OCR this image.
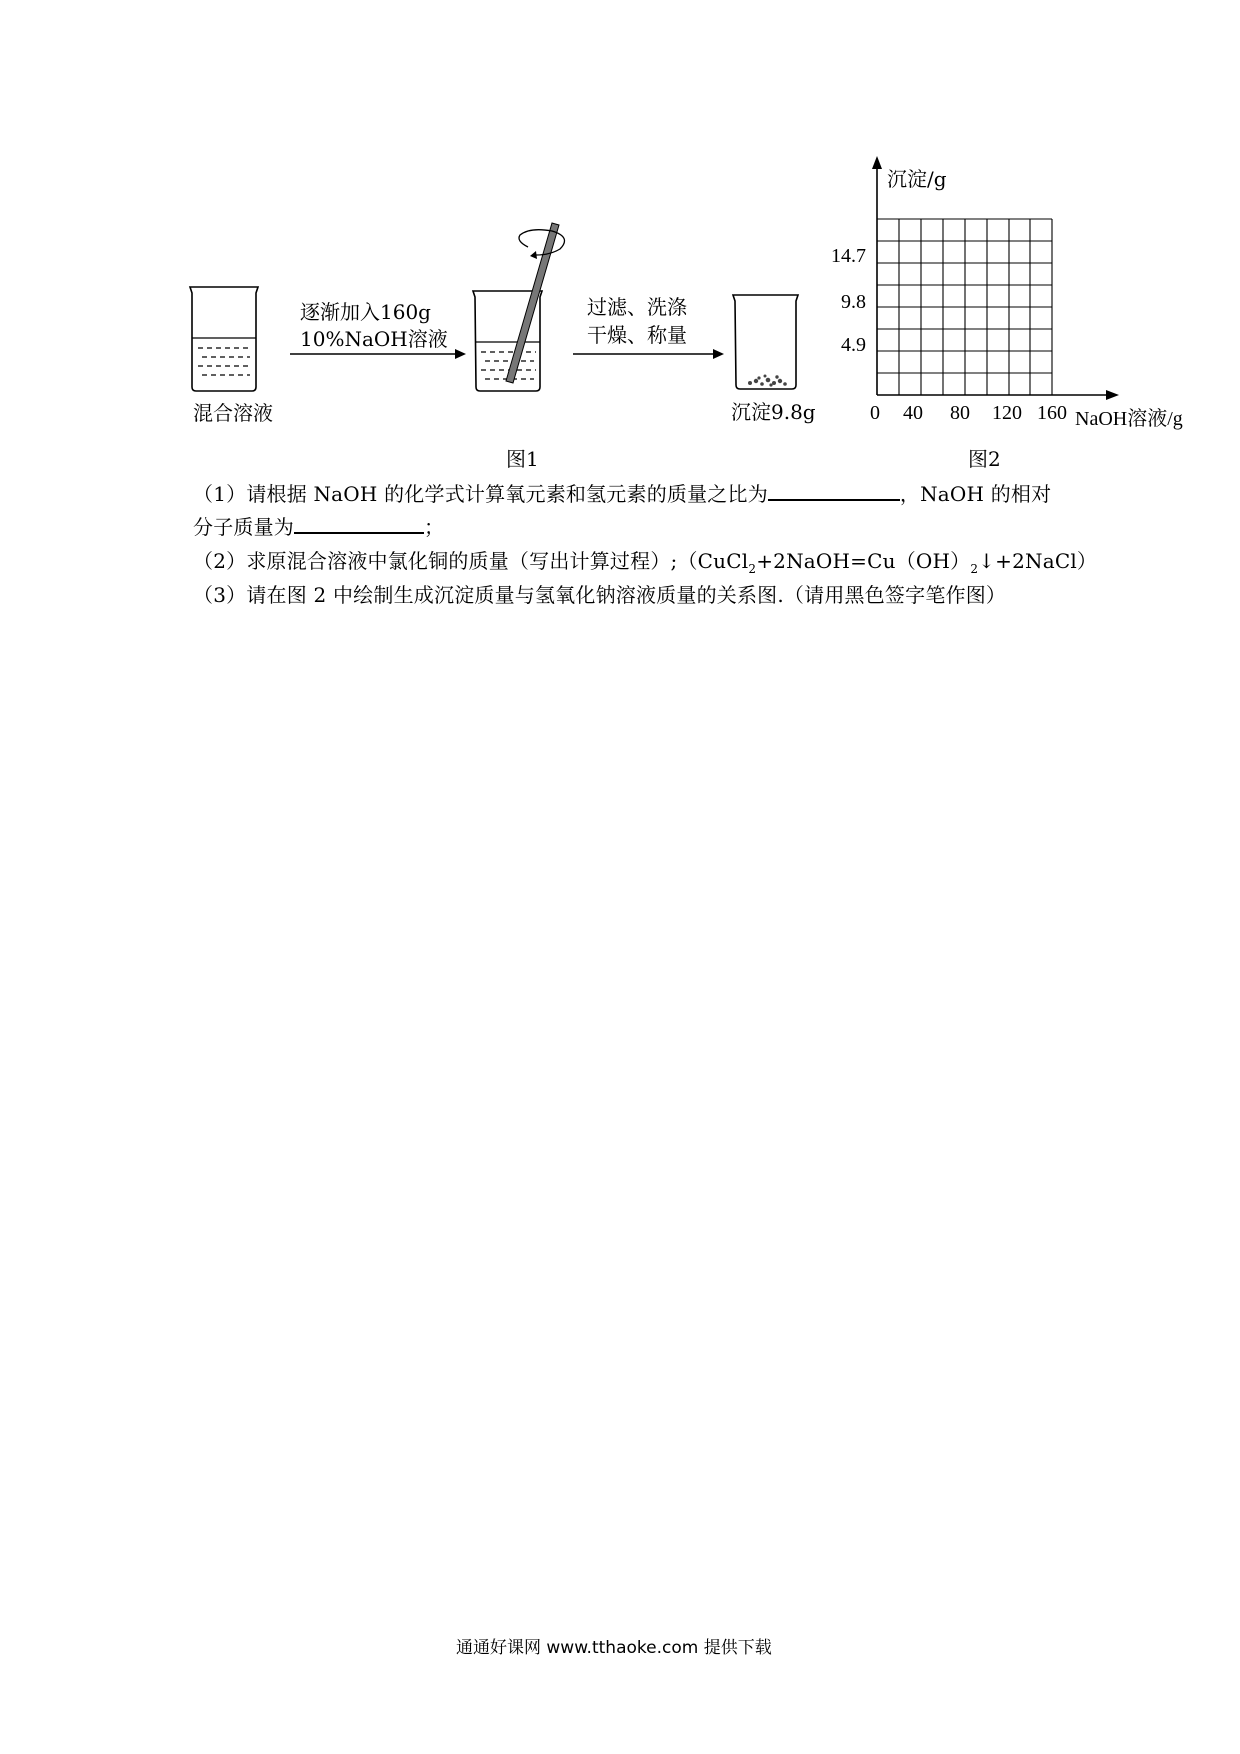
混合溶液
逐渐加入160g
10%NaOH溶液
过滤、洗涤
干燥、称量
沉淀9.8g
图1
沉淀/g
14.7
9.8
4.9
0 40 80 120 160 NaOH溶液/g
图2
（1）请根据 NaOH 的化学式计算氧元素和氢元素的质量之比为	，NaOH 的相对
分子质量为	；
（2）求原混合溶液中氯化铜的质量（写出计算过程）$;(CuCl_2+2NaOH=Cu(OH)_2↓+2NaCl)$
（3）请在图 2 中绘制生成沉淀质量与氢氧化钠溶液质量的关系图.（请用黑色签字笔作图）
通通好课网 www.tthaoke.com 提供下载
